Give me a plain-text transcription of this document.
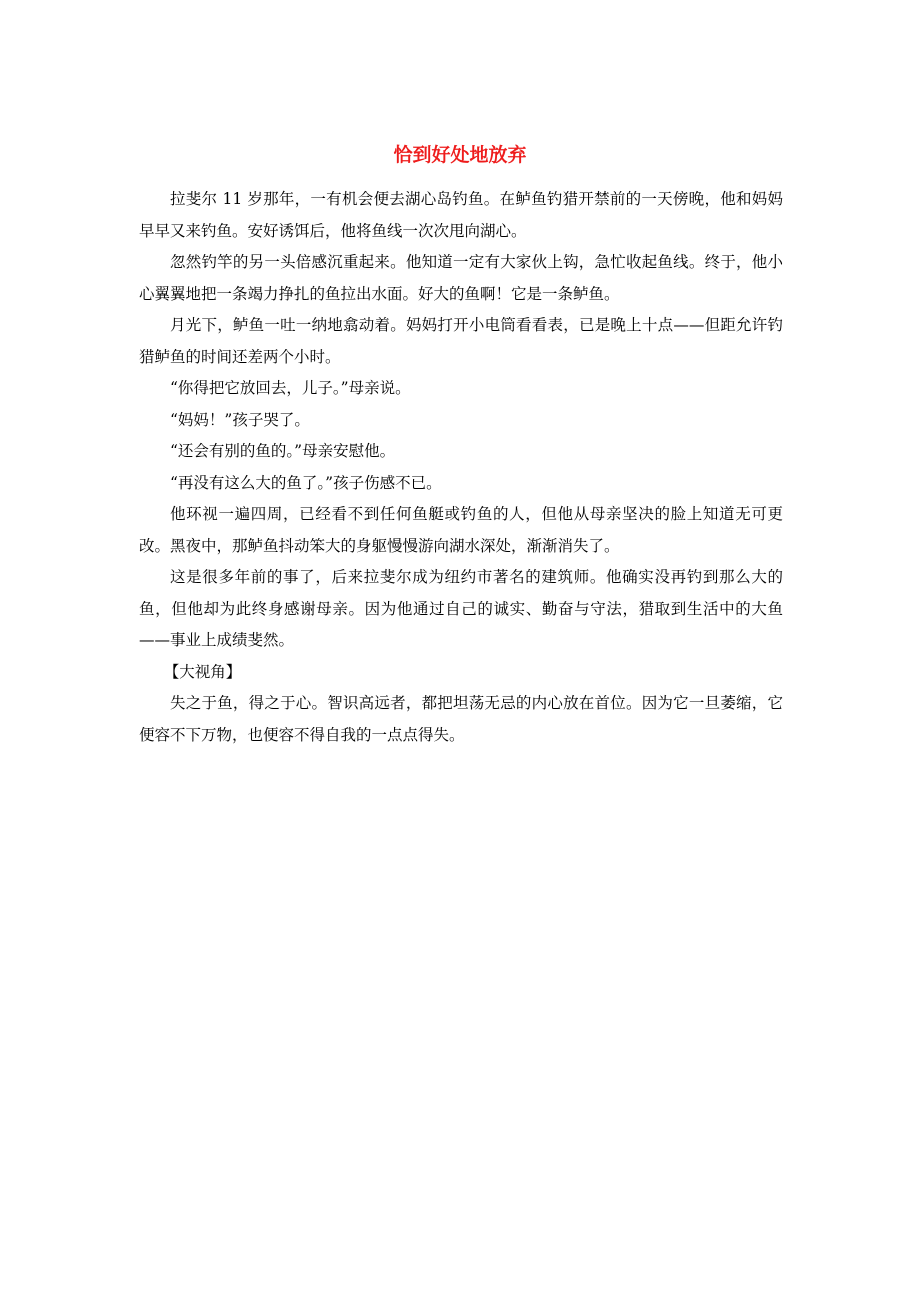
恰到好处地放弃

拉斐尔 11 岁那年，一有机会便去湖心岛钓鱼。在鲈鱼钓猎开禁前的一天傍晚，他和妈妈早早又来钓鱼。安好诱饵后，他将鱼线一次次甩向湖心。

忽然钓竿的另一头倍感沉重起来。他知道一定有大家伙上钩，急忙收起鱼线。终于，他小心翼翼地把一条竭力挣扎的鱼拉出水面。好大的鱼啊！它是一条鲈鱼。

月光下，鲈鱼一吐一纳地翕动着。妈妈打开小电筒看看表，已是晚上十点——但距允许钓猎鲈鱼的时间还差两个小时。

“你得把它放回去，儿子。”母亲说。

“妈妈！”孩子哭了。

“还会有别的鱼的。”母亲安慰他。

“再没有这么大的鱼了。”孩子伤感不已。

他环视一遍四周，已经看不到任何鱼艇或钓鱼的人，但他从母亲坚决的脸上知道无可更改。黑夜中，那鲈鱼抖动笨大的身躯慢慢游向湖水深处，渐渐消失了。

这是很多年前的事了，后来拉斐尔成为纽约市著名的建筑师。他确实没再钓到那么大的鱼，但他却为此终身感谢母亲。因为他通过自己的诚实、勤奋与守法，猎取到生活中的大鱼——事业上成绩斐然。

【大视角】

失之于鱼，得之于心。智识高远者，都把坦荡无忌的内心放在首位。因为它一旦萎缩，它便容不下万物，也便容不得自我的一点点得失。
